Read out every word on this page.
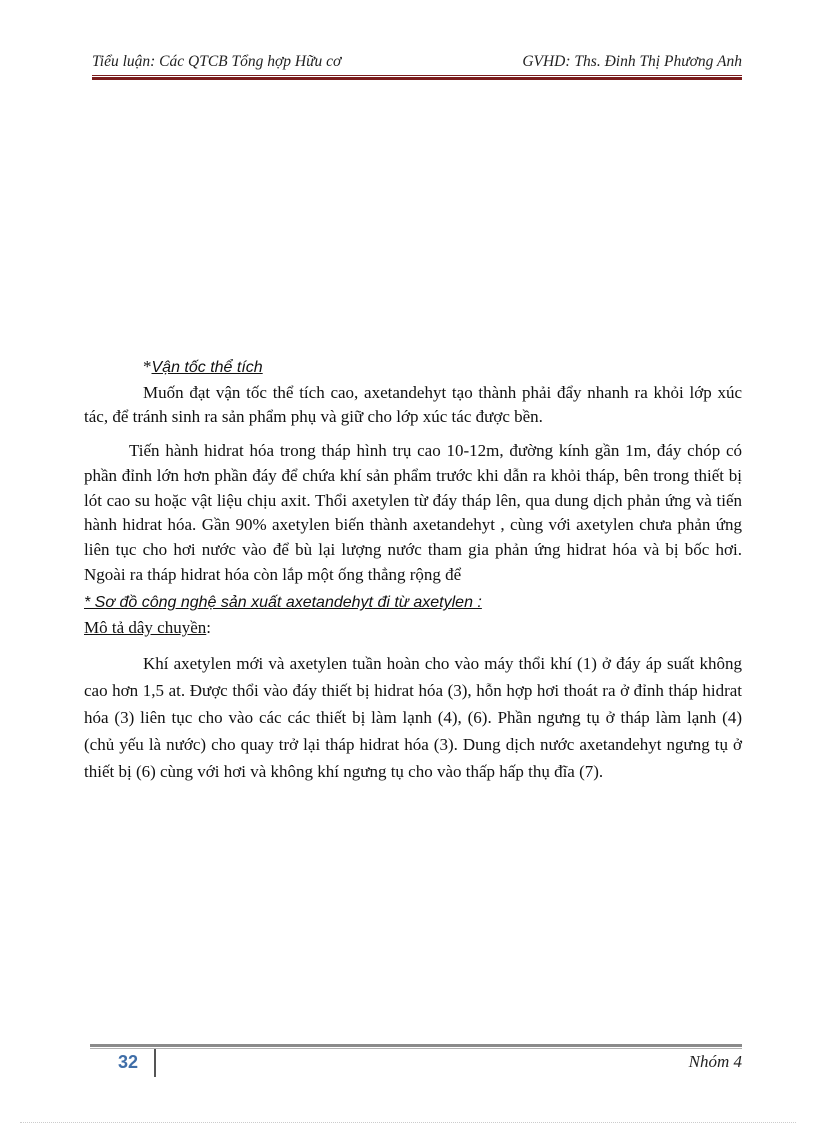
Tiểu luận: Các QTCB Tổng hợp Hữu cơ	GVHD: Ths. Đinh Thị Phương Anh

*Vận tốc thể tích

Muốn đạt vận tốc thể tích cao, axetandehyt tạo thành phải đẩy nhanh ra khỏi lớp xúc tác, để tránh sinh ra sản phẩm phụ và giữ cho lớp xúc tác được bền.

Tiến hành hidrat hóa trong tháp hình trụ cao 10-12m, đường kính gần 1m, đáy chóp có phần đỉnh lớn hơn phần đáy để chứa khí sản phẩm trước khi dẫn ra khỏi tháp, bên trong thiết bị lót cao su hoặc vật liệu chịu axit. Thổi axetylen từ đáy tháp lên, qua dung dịch phản ứng và tiến hành hidrat hóa. Gần 90% axetylen biến thành axetandehyt , cùng với axetylen chưa phản ứng liên tục cho hơi nước vào để bù lại lượng nước tham gia phản ứng hidrat hóa và bị bốc hơi. Ngoài ra tháp hidrat hóa còn lắp một ống thẳng rộng để

* Sơ đồ công nghệ sản xuất axetandehyt đi từ axetylen :

Mô tả dây chuyền:

Khí axetylen mới và axetylen tuần hoàn cho vào máy thổi khí (1) ở đáy áp suất không cao hơn 1,5 at. Được thổi vào đáy thiết bị hidrat hóa (3), hỗn hợp hơi thoát ra ở đỉnh tháp hidrat hóa (3) liên tục cho vào các các thiết bị làm lạnh (4), (6). Phần ngưng tụ ở tháp làm lạnh (4) (chủ yếu là nước) cho quay trở lại tháp hidrat hóa (3). Dung dịch nước axetandehyt ngưng tụ ở thiết bị (6) cùng với hơi và không khí ngưng tụ cho vào thấp hấp thụ đĩa (7).

32	Nhóm 4
